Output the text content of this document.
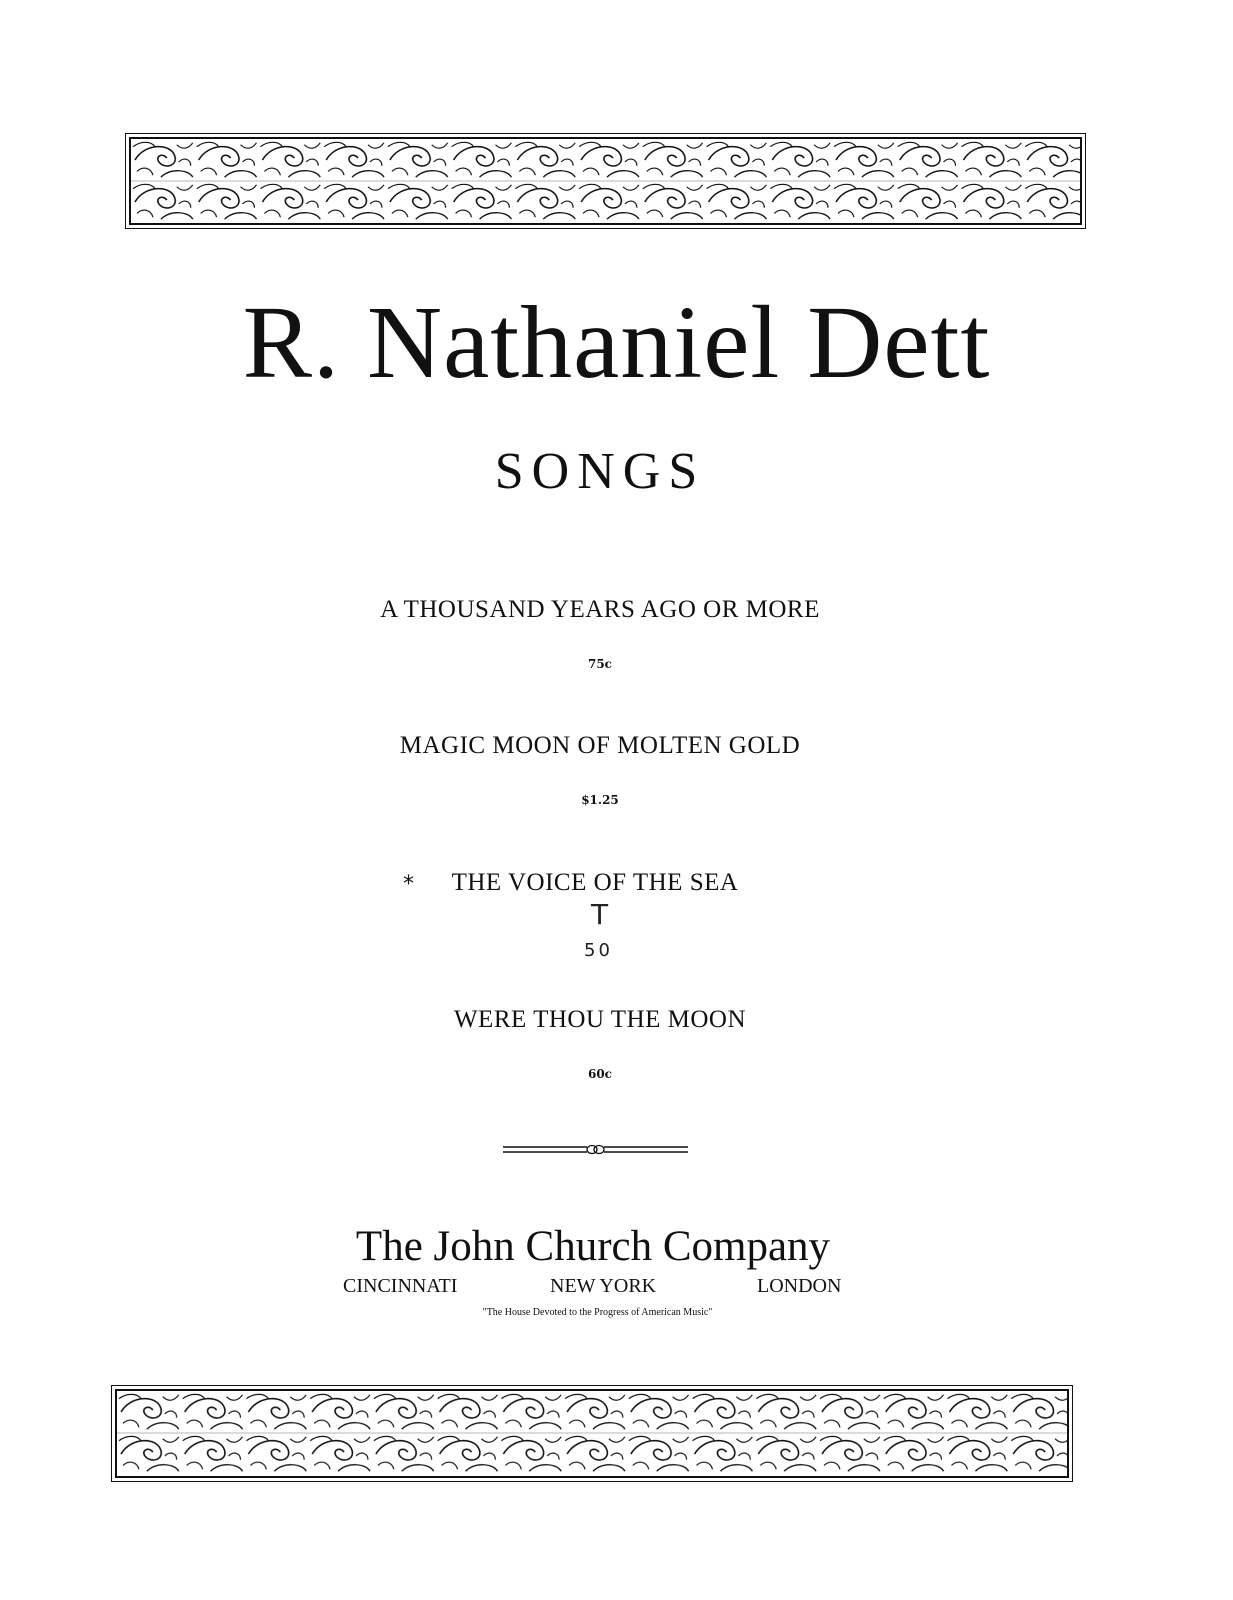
R. Nathaniel Dett
SONGS
A THOUSAND YEARS AGO OR MORE
75c
MAGIC MOON OF MOLTEN GOLD
$1.25
*	THE VOICE OF THE SEA
T
50
WERE THOU THE MOON
60c
The John Church Company
CINCINNATI	NEW YORK	LONDON
"The House Devoted to the Progress of American Music"
